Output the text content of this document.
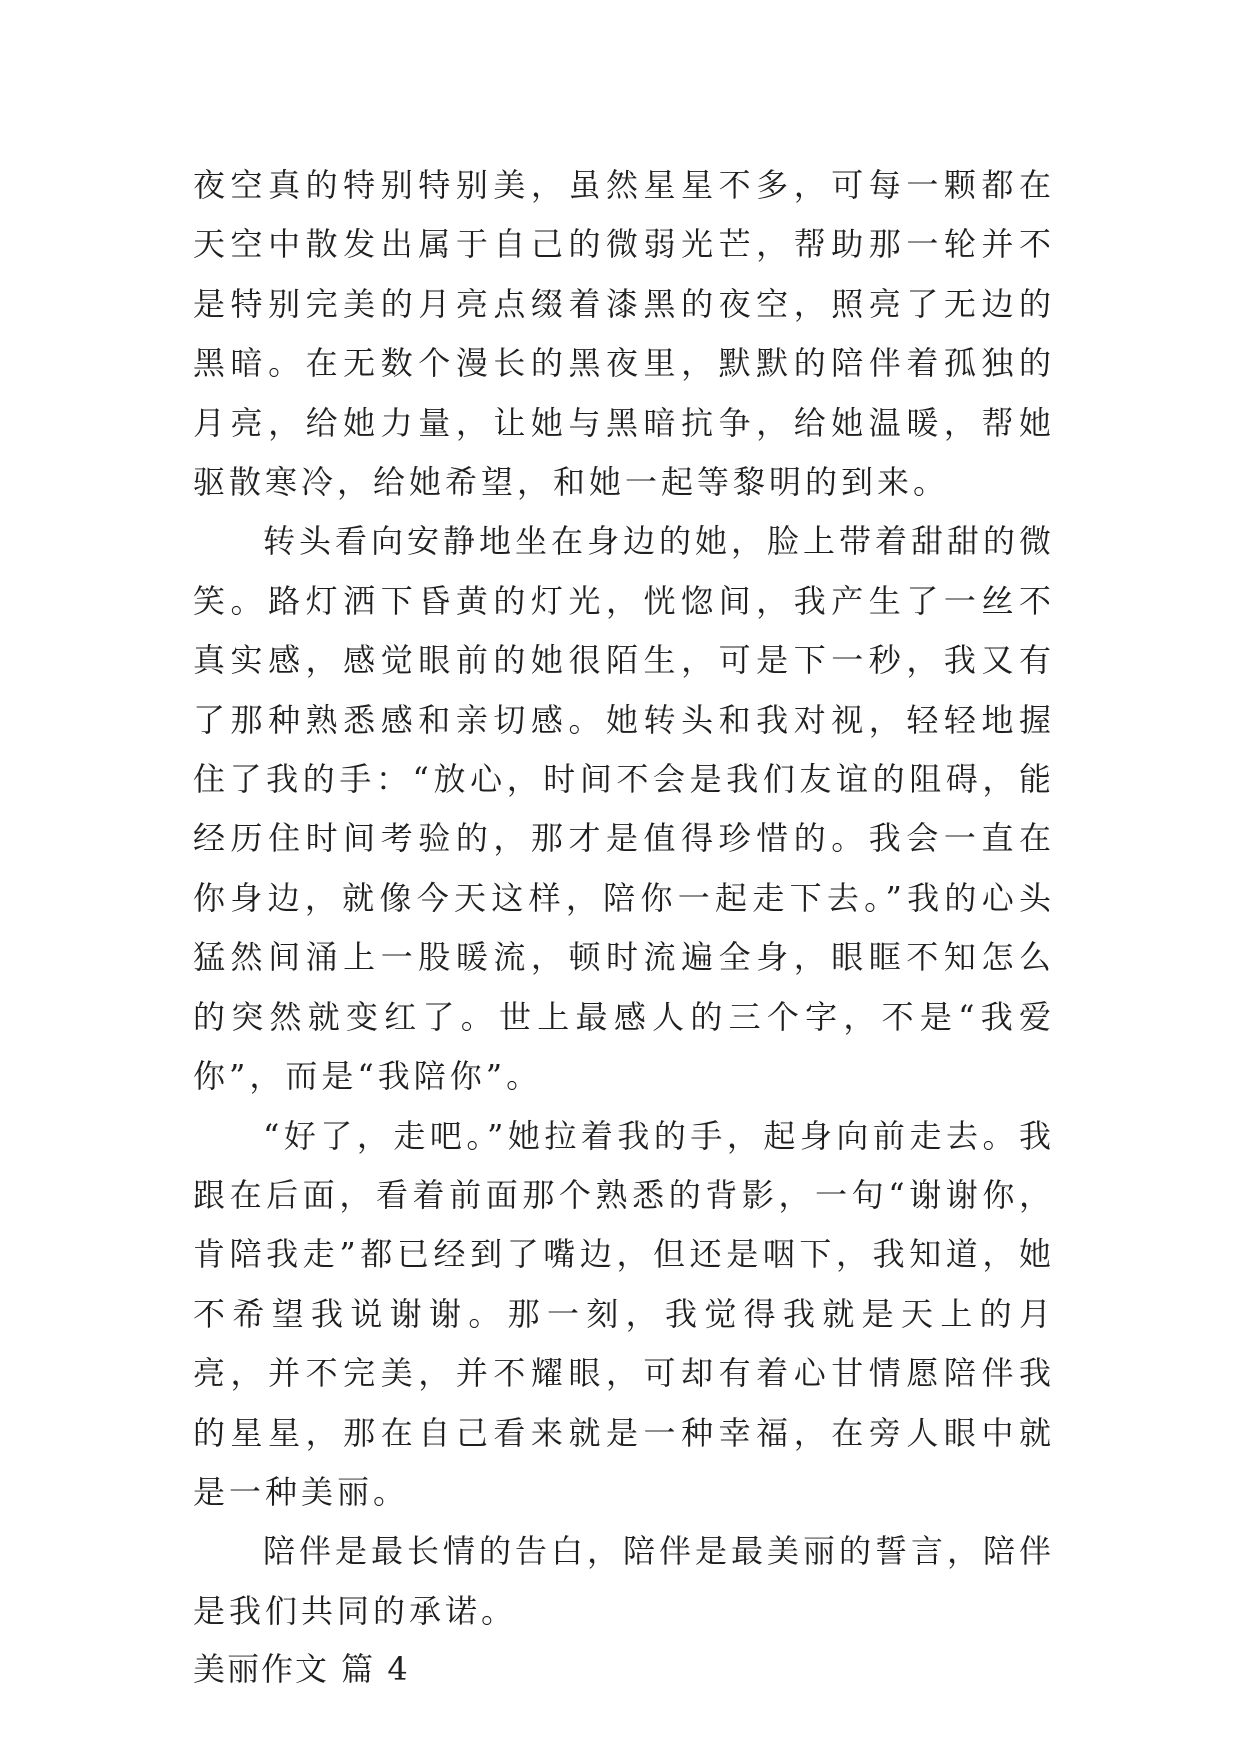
夜空真的特别特别美，虽然星星不多，可每一颗都在天空中散发出属于自己的微弱光芒，帮助那一轮并不是特别完美的月亮点缀着漆黑的夜空，照亮了无边的黑暗。在无数个漫长的黑夜里，默默的陪伴着孤独的月亮，给她力量，让她与黑暗抗争，给她温暖，帮她驱散寒冷，给她希望，和她一起等黎明的到来。

转头看向安静地坐在身边的她，脸上带着甜甜的微笑。路灯洒下昏黄的灯光，恍惚间，我产生了一丝不真实感，感觉眼前的她很陌生，可是下一秒，我又有了那种熟悉感和亲切感。她转头和我对视，轻轻地握住了我的手：“放心，时间不会是我们友谊的阻碍，能经历住时间考验的，那才是值得珍惜的。我会一直在你身边，就像今天这样，陪你一起走下去。”我的心头猛然间涌上一股暖流，顿时流遍全身，眼眶不知怎么的突然就变红了。世上最感人的三个字，不是“我爱你”，而是“我陪你”。

“好了，走吧。”她拉着我的手，起身向前走去。我跟在后面，看着前面那个熟悉的背影，一句“谢谢你，肯陪我走”都已经到了嘴边，但还是咽下，我知道，她不希望我说谢谢。那一刻，我觉得我就是天上的月亮，并不完美，并不耀眼，可却有着心甘情愿陪伴我的星星，那在自己看来就是一种幸福，在旁人眼中就是一种美丽。

陪伴是最长情的告白，陪伴是最美丽的誓言，陪伴是我们共同的承诺。

美丽作文 篇 4
